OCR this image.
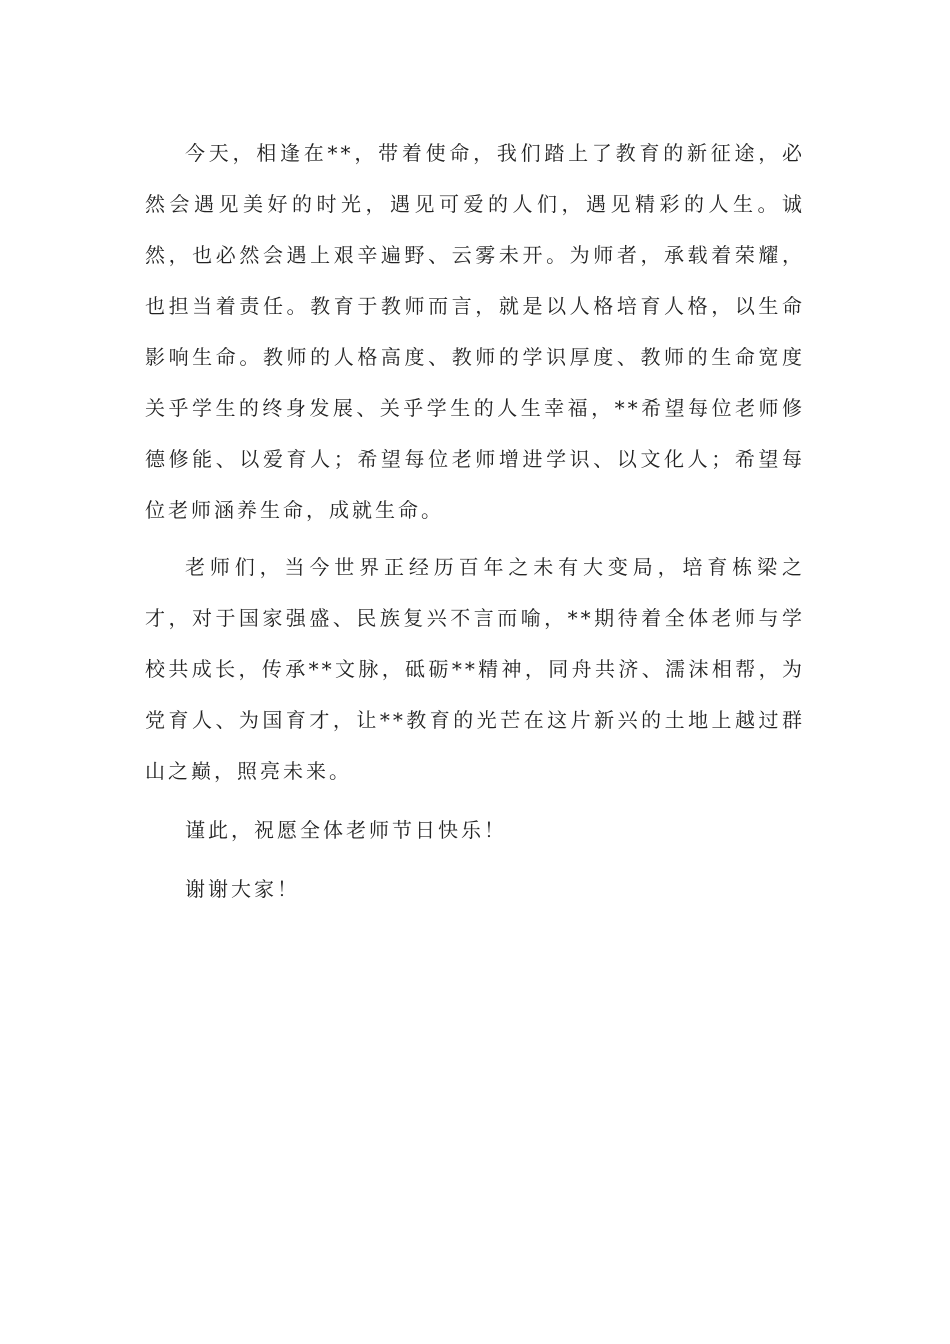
今天，相逢在**，带着使命，我们踏上了教育的新征途，必然会遇见美好的时光，遇见可爱的人们，遇见精彩的人生。诚然，也必然会遇上艰辛遍野、云雾未开。为师者，承载着荣耀，也担当着责任。教育于教师而言，就是以人格培育人格，以生命影响生命。教师的人格高度、教师的学识厚度、教师的生命宽度关乎学生的终身发展、关乎学生的人生幸福，**希望每位老师修德修能、以爱育人；希望每位老师增进学识、以文化人；希望每位老师涵养生命，成就生命。

老师们，当今世界正经历百年之未有大变局，培育栋梁之才，对于国家强盛、民族复兴不言而喻，**期待着全体老师与学校共成长，传承**文脉，砥砺**精神，同舟共济、濡沫相帮，为党育人、为国育才，让**教育的光芒在这片新兴的土地上越过群山之巅，照亮未来。

谨此，祝愿全体老师节日快乐！

谢谢大家！
